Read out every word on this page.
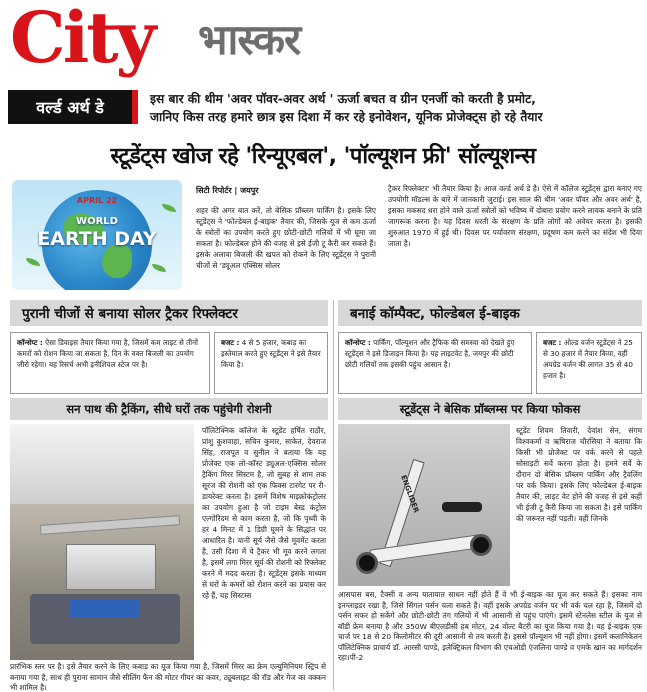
City भास्कर
वर्ल्ड अर्थ डे	इस बार की थीम 'अवर पॉवर-अवर अर्थ ' ऊर्जा बचत व ग्रीन एनर्जी को करती है प्रमोट,
जानिए किस तरह हमारे छात्र इस दिशा में कर रहे इनोवेशन, यूनिक प्रोजेक्ट्स हो रहे तैयार
स्टूडेंट्स खोज रहे 'रिन्यूएबल', 'पॉल्यूशन फ्री' सॉल्यूशन्स
APRIL 22
WORLD
EARTH DAY
सिटी रिपोर्टर | जयपुर
शहर की अगर बात करें, तो बेसिक प्रॉब्लम पार्किंग है। इसके लिए स्टूडेंट्स ने 'फोल्डेबल ई-बाइक' तैयार की, जिसके यूज से कम ऊर्जा के स्त्रोतों का उपयोग करते हुए छोटी-छोटी गलियों में भी घूमा जा सकता है। फोल्डेबल होने की वजह से इसे ईजी टू कैरी कर सकते हैं। इसके अलावा बिजली की खपत को रोकने के लिए स्टूडेंट्स ने पुरानी चीजों से 'ड्यूअल एक्सिस सोलर
ट्रैकर रिफ्लेक्टर' भी तैयार किया है। आज वर्ल्ड अर्थ डे है। ऐसे में कॉलेज स्टूडेंट्स द्वारा बनाए गए उपयोगी मॉडल्स के बारे में जानकारी जुटाई। इस साल की थीम 'अवर पॉवर और अवर अर्थ' है, इसका मकसद धरा होने वाले ऊर्जा स्त्रोतों को भविष्य में दोबारा प्रयोग करने लायक बनाने के प्रति जागरूक करना है। यह दिवस धरती के संरक्षण के प्रति लोगों को अवेयर करता है। इसकी शुरुआत 1970 में हुई थी। दिवस पर पर्यावरण संरक्षण, प्रदूषण कम करने का संदेश भी दिया जाता है।
पुरानी चीजों से बनाया सोलर ट्रैकर रिफ्लेक्टर
कॉन्सेप्ट : ऐसा डिवाइस तैयार किया गया है, जिसमें कम लाइट से तीनों कमरों को रोशन किया जा सकता है, दिन के वक्त बिजली का उपयोग जीरो रहेगा। यह रिसर्च अभी इनीशियल स्टेज पर है।
बजट : 4 से 5 हजार, कबाड़ का इस्तेमाल करते हुए स्टूडेंट्स ने इसे तैयार किया है।
सन पाथ की ट्रैकिंग, सीधे घरों तक पहुंचेगी रोशनी
पॉलिटेक्निक कॉलेज के स्टूडेंट हर्षित राठौर, प्रांशु कुशवाहा, सचिन कुमार, साकेत, देवराज सिंह, राजपूत व सुनील ने बताया कि यह प्रोजेक्ट एक लो-कॉस्ट ड्यूअल-एक्सिस सोलर ट्रैकिंग मिरर सिस्टम है, जो सुबह से शाम तक सूरज की रोशनी को एक फिक्स टारगेट पर री-डायरेक्ट करता है। इसमें विशेष माइक्रोकंट्रोलर का उपयोग हुआ है जो टाइम बेस्ड कंट्रोल एल्गोरिदम से काम करता है, जो कि पृथ्वी के हर 4 मिनट में 1 डिग्री घूमने के सिद्धांत पर आधारित है। यानी सूर्य जैसे जैसे मूवमेंट करता है, उसी दिशा में ये ट्रैकर भी मूव करने लगता है, इसमें लगा मिरर सूर्य की रोशनी को रिफ्लेक्ट करने में मदद करता है। स्टूडेंट्स इसके माध्यम से घरों के कमरों को रोशन करने का प्रयास कर रहे हैं, यह सिस्टम्स
प्रारंभिक स्तर पर है। इसे तैयार करने के लिए कबाड़ का यूज किया गया है, जिसमें मिरर का फ्रेम एल्युमिनियम स्ट्रिप से बनाया गया है, साथ ही पुराना सामान जैसे सीलिंग फैन की मोटर गीयर का कवर, ट्यूबलाइट की रॉड और गेज का वक्कन भी शामिल है।
बनाई कॉम्पैक्ट, फोल्डेबल ई-बाइक
कॉन्सेप्ट : पार्किंग, पॉल्यूशन और ट्रैफिक की समस्या को देखते हुए स्टूडेंट्स ने इसे डिजाइन किया है। यह लाइटवेट है, जयपुर की छोटी छोटी गलियों तक इसकी पहुंच आसान है।
बजट : ओल्ड वर्जन स्टूडेंट्स ने 25 से 30 हजार में तैयार किया, वहीं अपग्रेड वर्जन की लागत 35 से 40 हजार है।
स्टूडेंट्स ने बेसिक प्रॉब्लम्स पर किया फोकस
ENGLIDER
स्टूडेंट शिवम तिवारी, देवांश सेन, संगम विश्वकर्मा व ऋषिराज चौरसिया ने बताया कि किसी भी प्रोजेक्ट पर वर्क करने से पहले सोसाइटी सर्वे करना होता है। हमने सर्वे के दौरान दो बेसिक प्रॉब्लम पार्किंग और ट्रैवलिंग पर वर्क किया। इसके लिए फोल्डेबल ई-बाइक तैयार की, लाइट वेट होने की वजह से इसे कहीं भी ईजी टू कैरी किया जा सकता है। इसे पार्किंग की जरूरत नहीं पड़ती। वहीं जिनके
आसपास बस, टैक्सी व अन्य यातायात साधन नहीं होते हैं वे भी ई-बाइक का यूज कर सकते हैं। इसका नाम इनग्लाइडर रखा है, जिसे सिंगल पर्सन चला सकते हैं। वहीं इसके अपग्रेड वर्जन पर भी वर्क चल रहा है, जिसमें दो पर्सन सफर हो सकेंगे और छोटी-छोटी तंग गलियों में भी आसानी से पहुंच पाएंगे। इसमें स्टेनलेस स्टील के यूज से बॉडी फ्रेम बनाया है और 350W बीएलडीसी हब मोटर, 24 वोल्ट बैटरी का यूज किया गया है। यह ई-बाइक एक चार्ज पर 18 से 20 किलोमीटर की दूरी आसानी से तय करती है। इससे पॉल्यूशन भी नहीं होगा। इसमें कलानिकेतन पॉलिटेक्निक प्राचार्य डॉ. आरसी पाण्डे, इलेक्ट्रिकल विभाग की एचओडी एंजलिना पाण्डे व एमके खान का मार्गदर्शन रहा।पी-2
